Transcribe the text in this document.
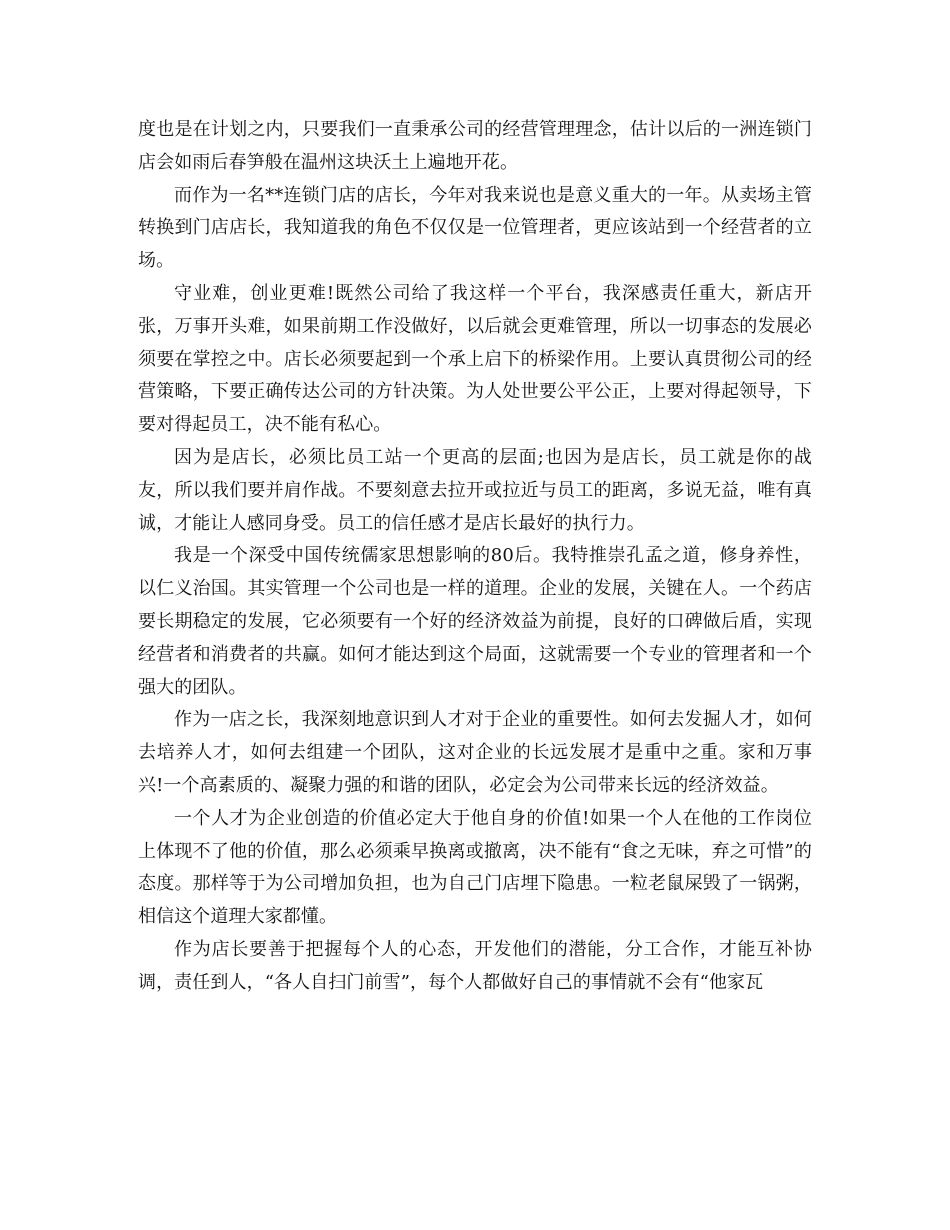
度也是在计划之内，只要我们一直秉承公司的经营管理理念，估计以后的一洲连锁门店会如雨后春笋般在温州这块沃土上遍地开花。

而作为一名**连锁门店的店长，今年对我来说也是意义重大的一年。从卖场主管转换到门店店长，我知道我的角色不仅仅是一位管理者，更应该站到一个经营者的立场。

守业难，创业更难!既然公司给了我这样一个平台，我深感责任重大，新店开张，万事开头难，如果前期工作没做好，以后就会更难管理，所以一切事态的发展必须要在掌控之中。店长必须要起到一个承上启下的桥梁作用。上要认真贯彻公司的经营策略，下要正确传达公司的方针决策。为人处世要公平公正，上要对得起领导，下要对得起员工，决不能有私心。

因为是店长，必须比员工站一个更高的层面;也因为是店长，员工就是你的战友，所以我们要并肩作战。不要刻意去拉开或拉近与员工的距离，多说无益，唯有真诚，才能让人感同身受。员工的信任感才是店长最好的执行力。

我是一个深受中国传统儒家思想影响的80后。我特推崇孔孟之道，修身养性，以仁义治国。其实管理一个公司也是一样的道理。企业的发展，关键在人。一个药店要长期稳定的发展，它必须要有一个好的经济效益为前提，良好的口碑做后盾，实现经营者和消费者的共赢。如何才能达到这个局面，这就需要一个专业的管理者和一个强大的团队。

作为一店之长，我深刻地意识到人才对于企业的重要性。如何去发掘人才，如何去培养人才，如何去组建一个团队，这对企业的长远发展才是重中之重。家和万事兴!一个高素质的、凝聚力强的和谐的团队，必定会为公司带来长远的经济效益。

一个人才为企业创造的价值必定大于他自身的价值!如果一个人在他的工作岗位上体现不了他的价值，那么必须乘早换离或撤离，决不能有“食之无味，弃之可惜”的态度。那样等于为公司增加负担，也为自己门店埋下隐患。一粒老鼠屎毁了一锅粥，相信这个道理大家都懂。

作为店长要善于把握每个人的心态，开发他们的潜能，分工合作，才能互补协调，责任到人，“各人自扫门前雪”，每个人都做好自己的事情就不会有“他家瓦
